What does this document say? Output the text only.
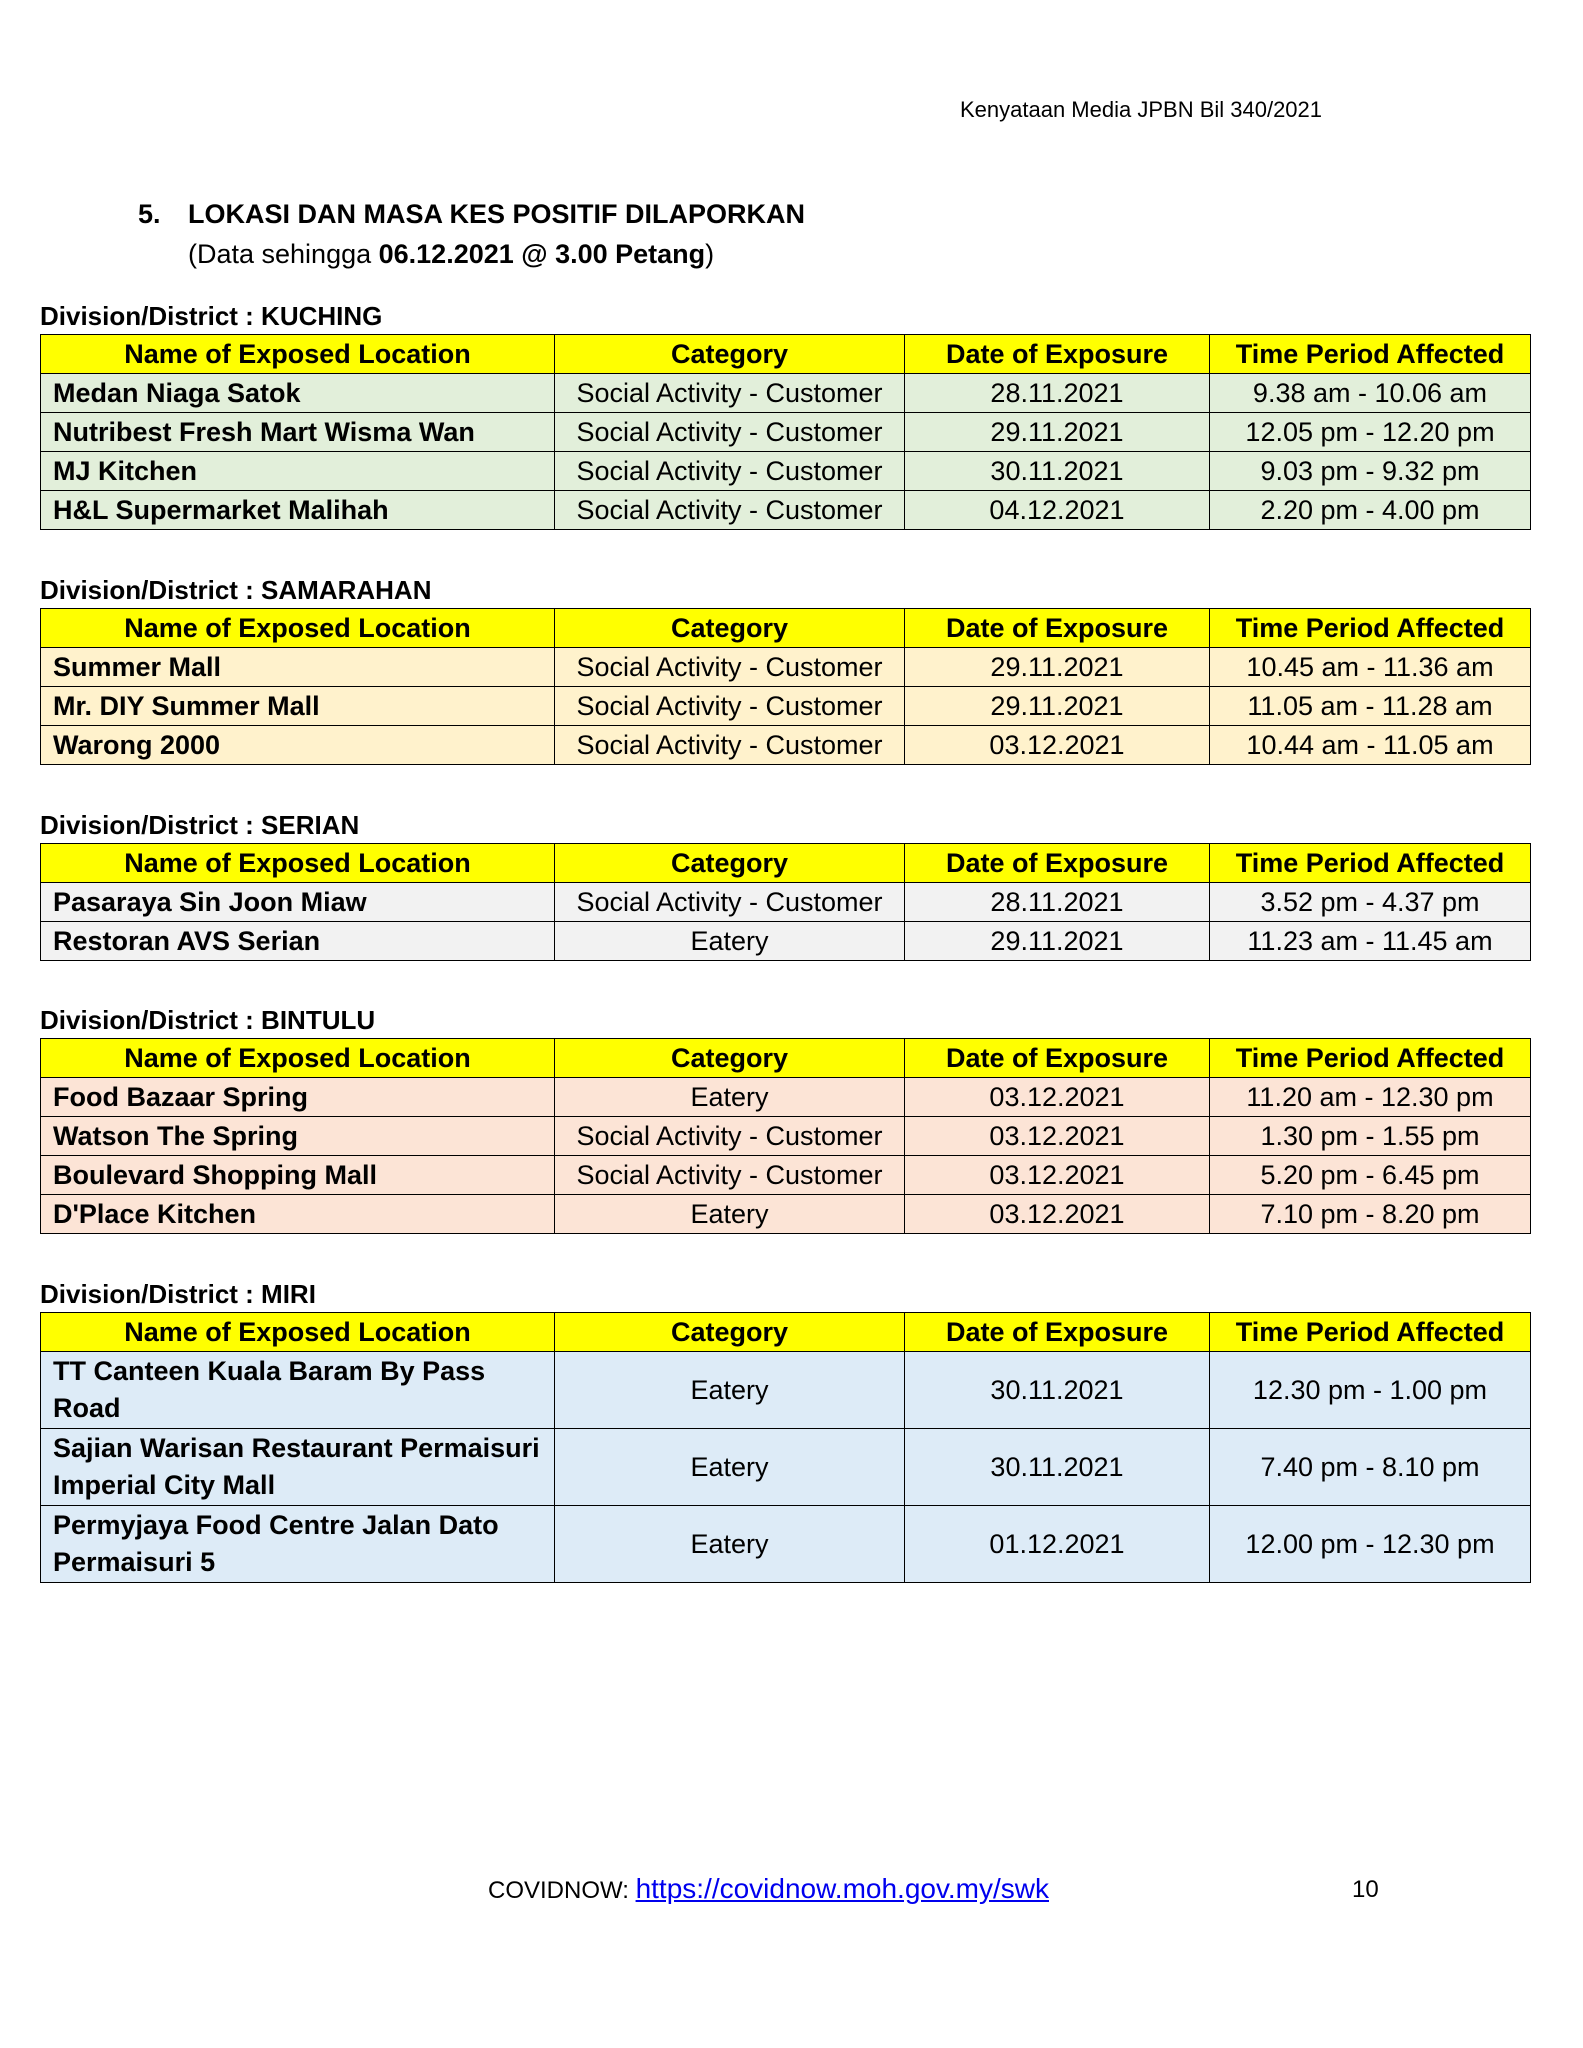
Kenyataan Media JPBN Bil 340/2021
5. LOKASI DAN MASA KES POSITIF DILAPORKAN
(Data sehingga 06.12.2021 @ 3.00 Petang)
Division/District : KUCHING
Name of Exposed Location	Category	Date of Exposure	Time Period Affected
Medan Niaga Satok	Social Activity - Customer	28.11.2021	9.38 am - 10.06 am
Nutribest Fresh Mart Wisma Wan	Social Activity - Customer	29.11.2021	12.05 pm - 12.20 pm
MJ Kitchen	Social Activity - Customer	30.11.2021	9.03 pm - 9.32 pm
H&L Supermarket Malihah	Social Activity - Customer	04.12.2021	2.20 pm - 4.00 pm
Division/District : SAMARAHAN
Name of Exposed Location	Category	Date of Exposure	Time Period Affected
Summer Mall	Social Activity - Customer	29.11.2021	10.45 am - 11.36 am
Mr. DIY Summer Mall	Social Activity - Customer	29.11.2021	11.05 am - 11.28 am
Warong 2000	Social Activity - Customer	03.12.2021	10.44 am - 11.05 am
Division/District : SERIAN
Name of Exposed Location	Category	Date of Exposure	Time Period Affected
Pasaraya Sin Joon Miaw	Social Activity - Customer	28.11.2021	3.52 pm - 4.37 pm
Restoran AVS Serian	Eatery	29.11.2021	11.23 am - 11.45 am
Division/District : BINTULU
Name of Exposed Location	Category	Date of Exposure	Time Period Affected
Food Bazaar Spring	Eatery	03.12.2021	11.20 am - 12.30 pm
Watson The Spring	Social Activity - Customer	03.12.2021	1.30 pm - 1.55 pm
Boulevard Shopping Mall	Social Activity - Customer	03.12.2021	5.20 pm - 6.45 pm
D'Place Kitchen	Eatery	03.12.2021	7.10 pm - 8.20 pm
Division/District : MIRI
Name of Exposed Location	Category	Date of Exposure	Time Period Affected
TT Canteen Kuala Baram By Pass Road	Eatery	30.11.2021	12.30 pm - 1.00 pm
Sajian Warisan Restaurant Permaisuri Imperial City Mall	Eatery	30.11.2021	7.40 pm - 8.10 pm
Permyjaya Food Centre Jalan Dato Permaisuri 5	Eatery	01.12.2021	12.00 pm - 12.30 pm
COVIDNOW: https://covidnow.moh.gov.my/swk	10
